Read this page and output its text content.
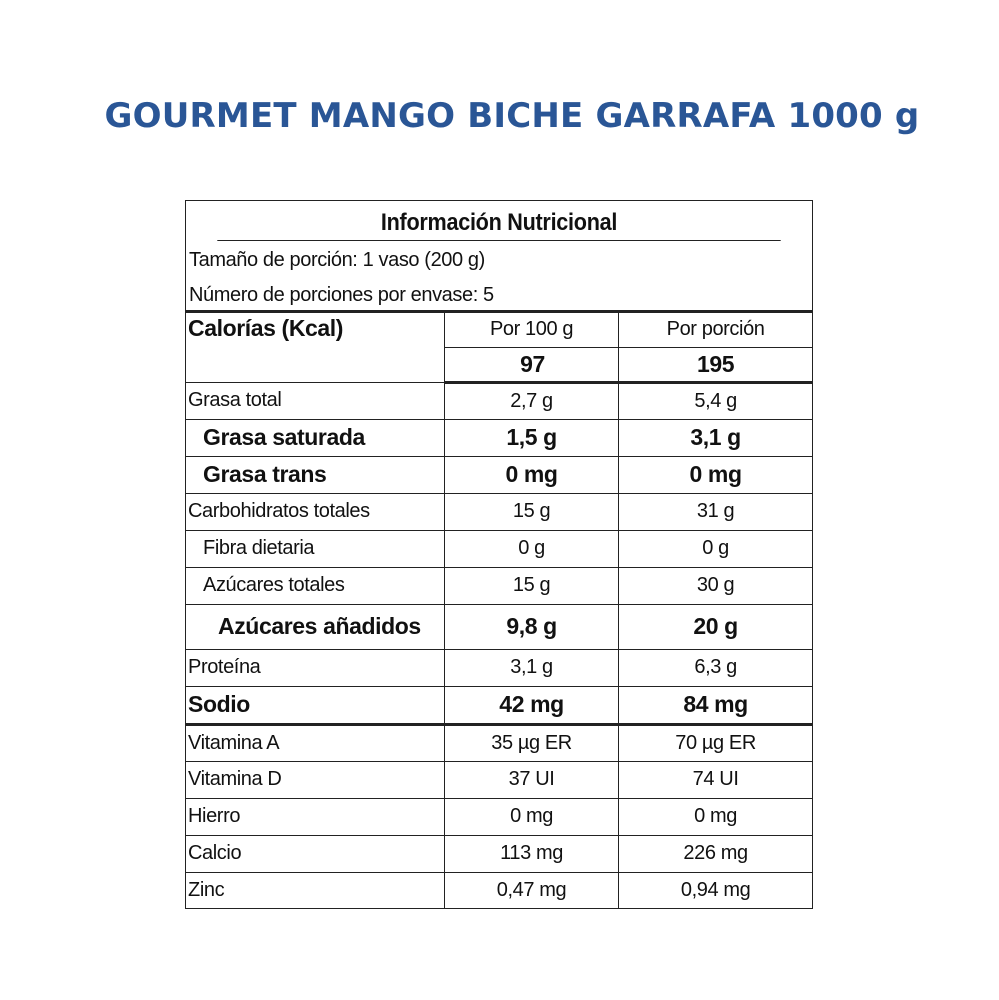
GOURMET MANGO BICHE GARRAFA 1000 g
Información Nutricional
Tamaño de porción: 1 vaso (200 g)
Número de porciones por envase: 5
Calorías (Kcal)	Por 100 g	Por porción
	97	195
Grasa total	2,7 g	5,4 g
Grasa saturada	1,5 g	3,1 g
Grasa trans	0 mg	0 mg
Carbohidratos totales	15 g	31 g
Fibra dietaria	0 g	0 g
Azúcares totales	15 g	30 g
Azúcares añadidos	9,8 g	20 g
Proteína	3,1 g	6,3 g
Sodio	42 mg	84 mg
Vitamina A	35 µg ER	70 µg ER
Vitamina D	37 UI	74 UI
Hierro	0 mg	0 mg
Calcio	113 mg	226 mg
Zinc	0,47 mg	0,94 mg
